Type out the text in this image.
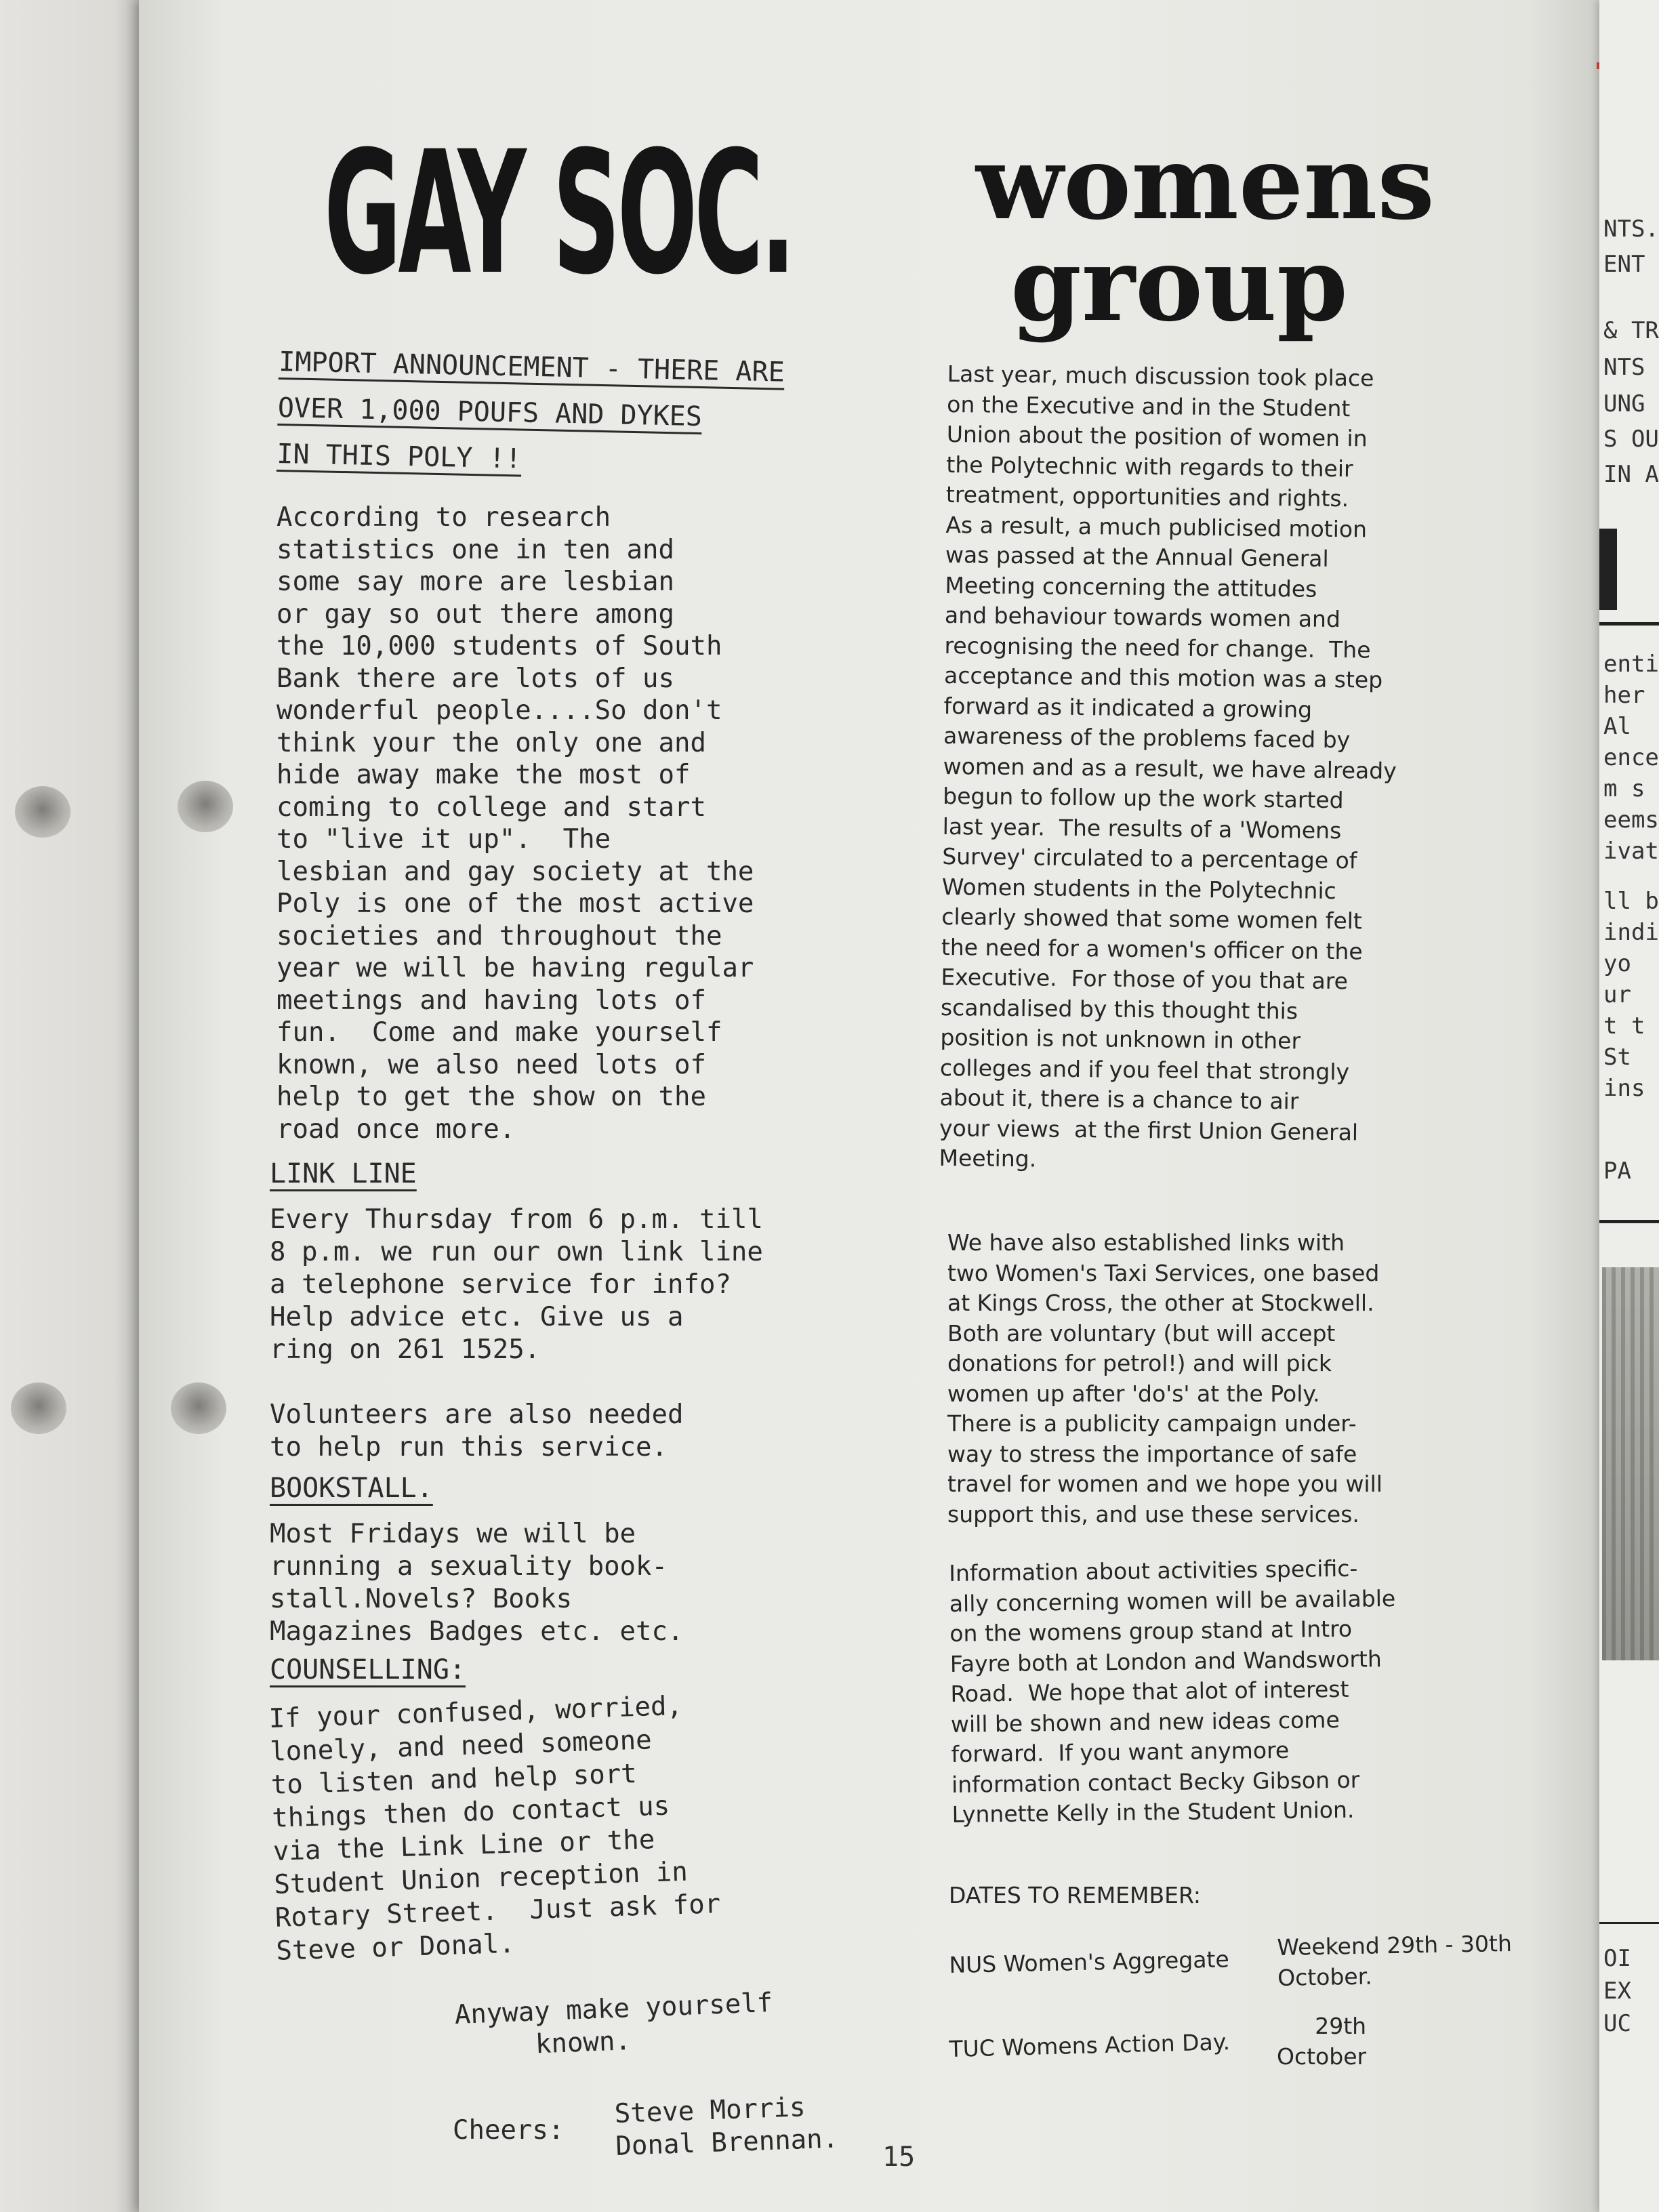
NTS.
ENT
& TR
NTS
UNG
S OU
IN A
enti
her
Al
ence
m s
eems
ivat
ll b
indi
yo
ur
t t
St
ins
PA
OI
EX
UC
GAY SOC.
IMPORT ANNOUNCEMENT - THERE ARE
OVER 1,000 POUFS AND DYKES
IN THIS POLY !!
According to research
statistics one in ten and
some say more are lesbian
or gay so out there among
the 10,000 students of South
Bank there are lots of us
wonderful people....So don't
think your the only one and
hide away make the most of
coming to college and start
to "live it up".  The
lesbian and gay society at the
Poly is one of the most active
societies and throughout the
year we will be having regular
meetings and having lots of
fun.  Come and make yourself
known, we also need lots of
help to get the show on the
road once more.
LINK LINE
Every Thursday from 6 p.m. till
8 p.m. we run our own link line
a telephone service for info?
Help advice etc. Give us a
ring on 261 1525.

Volunteers are also needed
to help run this service.
BOOKSTALL.
Most Fridays we will be
running a sexuality book-
stall.Novels? Books
Magazines Badges etc. etc.
COUNSELLING:
If your confused, worried,
lonely, and need someone
to listen and help sort
things then do contact us
via the Link Line or the
Student Union reception in
Rotary Street.  Just ask for
Steve or Donal.
Anyway make yourself
known.
Cheers:
Steve Morris
Donal Brennan.
womens
group
Last year, much discussion took place
on the Executive and in the Student
Union about the position of women in
the Polytechnic with regards to their
treatment, opportunities and rights.
As a result, a much publicised motion
was passed at the Annual General
Meeting concerning the attitudes
and behaviour towards women and
recognising the need for change.  The
acceptance and this motion was a step
forward as it indicated a growing
awareness of the problems faced by
women and as a result, we have already
begun to follow up the work started
last year.  The results of a 'Womens
Survey' circulated to a percentage of
Women students in the Polytechnic
clearly showed that some women felt
the need for a women's officer on the
Executive.  For those of you that are
scandalised by this thought this
position is not unknown in other
colleges and if you feel that strongly
about it, there is a chance to air
your views  at the first Union General
Meeting.
We have also established links with
two Women's Taxi Services, one based
at Kings Cross, the other at Stockwell.
Both are voluntary (but will accept
donations for petrol!) and will pick
women up after 'do's' at the Poly.
There is a publicity campaign under-
way to stress the importance of safe
travel for women and we hope you will
support this, and use these services.
Information about activities specific-
ally concerning women will be available
on the womens group stand at Intro
Fayre both at London and Wandsworth
Road.  We hope that alot of interest
will be shown and new ideas come
forward.  If you want anymore
information contact Becky Gibson or
Lynnette Kelly in the Student Union.
DATES TO REMEMBER:
NUS Women's Aggregate
Weekend 29th - 30th
October.
TUC Womens Action Day.
29th
October
15
